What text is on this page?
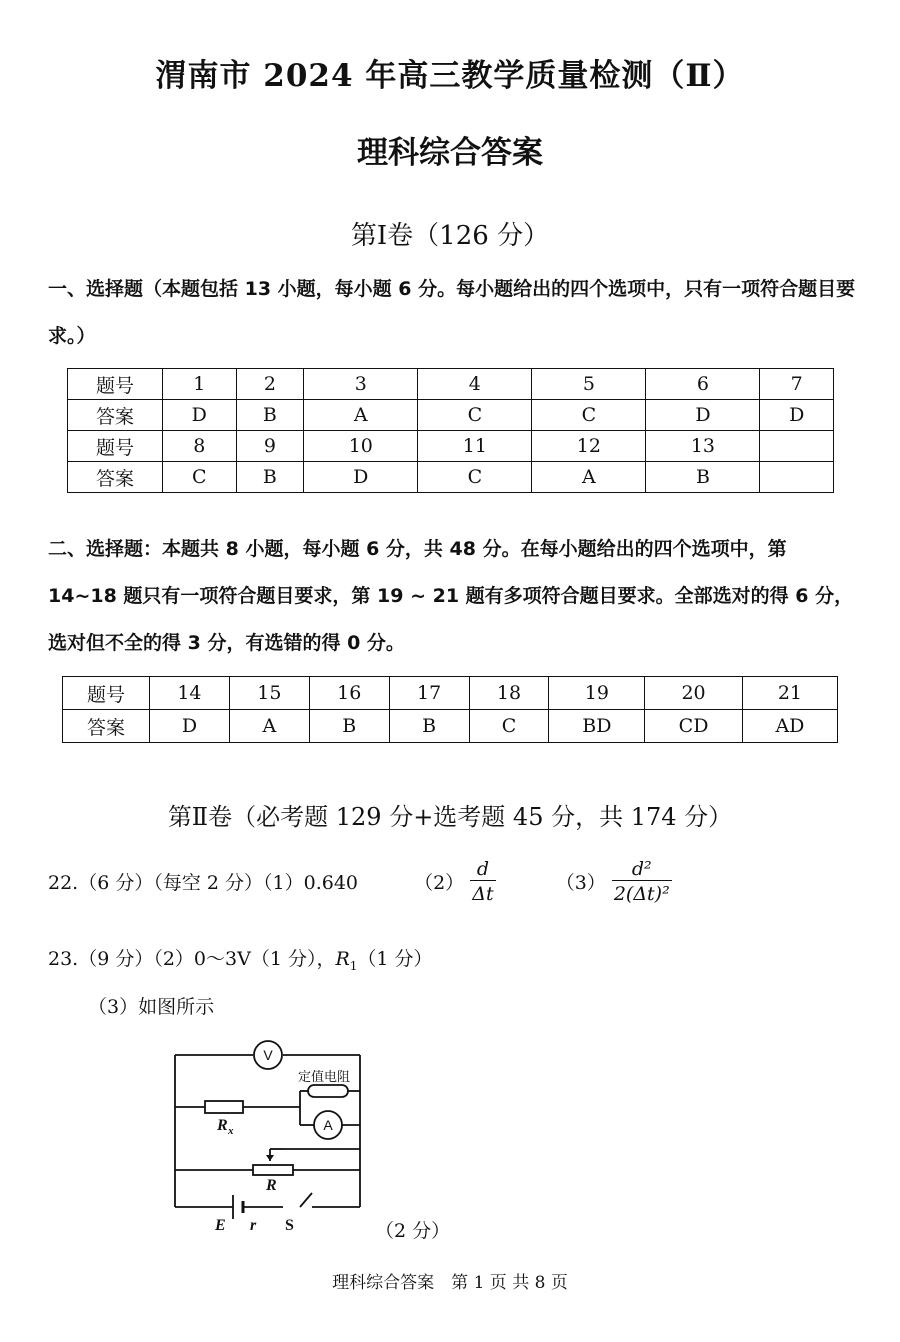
渭南市 2024 年高三教学质量检测（Ⅱ）
理科综合答案
第Ⅰ卷（126 分）
一、选择题（本题包括 13 小题，每小题 6 分。每小题给出的四个选项中，只有一项符合题目要求。）
题号	1	2	3	4	5	6	7
答案	D	B	A	C	C	D	D
题号	8	9	10	11	12	13	
答案	C	B	D	C	A	B	
二、选择题：本题共 8 小题，每小题 6 分，共 48 分。在每小题给出的四个选项中，第 14~18 题只有一项符合题目要求，第 19 ~ 21 题有多项符合题目要求。全部选对的得 6 分，选对但不全的得 3 分，有选错的得 0 分。
题号	14	15	16	17	18	19	20	21
答案	D	A	B	B	C	BD	CD	AD
第Ⅱ卷（必考题 129 分+选考题 45 分，共 174 分）
22.（6 分）（每空 2 分）（1）0.640	$(2) \frac{d}{\Delta t}$	$(3) \frac{\text{d²}}{\text{2(Δt)²}}$
23.（9 分）（2）0～3V（1 分），$R_1(1$ 分）
（3）如图所示
V
A
定值电阻
R x
R
E r S	（2 分）
理科综合答案　第 1 页 共 8 页
